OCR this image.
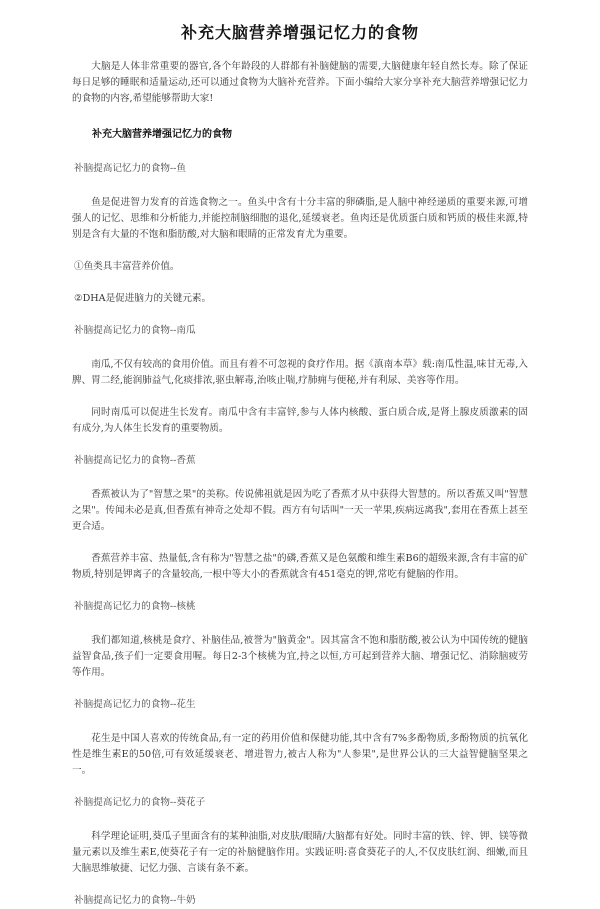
补充大脑营养增强记忆力的食物

大脑是人体非常重要的器官,各个年龄段的人群都有补脑健脑的需要,大脑健康年轻自然长寿。除了保证每日足够的睡眠和适量运动,还可以通过食物为大脑补充营养。下面小编给大家分享补充大脑营养增强记忆力的食物的内容,希望能够帮助大家!

补充大脑营养增强记忆力的食物

补脑提高记忆力的食物--鱼

鱼是促进智力发育的首选食物之一。鱼头中含有十分丰富的卵磷脂,是人脑中神经递质的重要来源,可增强人的记忆、思维和分析能力,并能控制脑细胞的退化,延缓衰老。鱼肉还是优质蛋白质和钙质的极佳来源,特别是含有大量的不饱和脂肪酸,对大脑和眼睛的正常发育尤为重要。

①鱼类具丰富营养价值。

②DHA是促进脑力的关键元素。

补脑提高记忆力的食物--南瓜

南瓜,不仅有较高的食用价值。而且有着不可忽视的食疗作用。据《滇南本草》载:南瓜性温,味甘无毒,入脾、胃二经,能润肺益气,化痰排浓,驱虫解毒,治咳止喘,疗肺痈与便秘,并有利尿、美容等作用。

同时南瓜可以促进生长发育。南瓜中含有丰富锌,参与人体内核酸、蛋白质合成,是肾上腺皮质激素的固有成分,为人体生长发育的重要物质。

补脑提高记忆力的食物--香蕉

香蕉被认为了"智慧之果"的美称。传说佛祖就是因为吃了香蕉才从中获得大智慧的。所以香蕉又叫"智慧之果"。传闻未必是真,但香蕉有神奇之处却不假。西方有句话叫"一天一苹果,疾病远离我",套用在香蕉上甚至更合适。

香蕉营养丰富、热量低,含有称为"智慧之盐"的磷,香蕉又是色氨酸和维生素B6的超级来源,含有丰富的矿物质,特别是钾离子的含量较高,一根中等大小的香蕉就含有451毫克的钾,常吃有健脑的作用。

补脑提高记忆力的食物--核桃

我们都知道,核桃是食疗、补脑佳品,被誉为"脑黄金"。因其富含不饱和脂肪酸,被公认为中国传统的健脑益智食品,孩子们一定要食用喔。每日2-3个核桃为宜,持之以恒,方可起到营养大脑、增强记忆、消除脑疲劳等作用。

补脑提高记忆力的食物--花生

花生是中国人喜欢的传统食品,有一定的药用价值和保健功能,其中含有7%多酚物质,多酚物质的抗氧化性是维生素E的50倍,可有效延缓衰老、增进智力,被古人称为"人参果",是世界公认的三大益智健脑坚果之一。

补脑提高记忆力的食物--葵花子

科学理论证明,葵瓜子里面含有的某种油脂,对皮肤/眼睛/大脑都有好处。同时丰富的铁、锌、钾、镁等微量元素以及维生素E,使葵花子有一定的补脑健脑作用。实践证明:喜食葵花子的人,不仅皮肤红润、细嫩,而且大脑思维敏捷、记忆力强、言谈有条不紊。

补脑提高记忆力的食物--牛奶
